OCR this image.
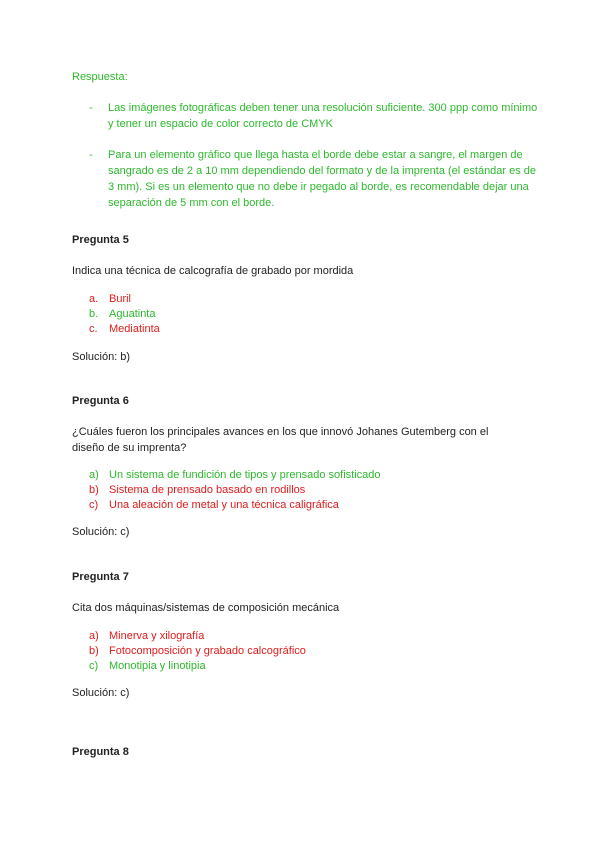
Respuesta:
- Las imágenes fotográficas deben tener una resolución suficiente. 300 ppp como mínimo y tener un espacio de color correcto de CMYK
- Para un elemento gráfico que llega hasta el borde debe estar a sangre, el margen de sangrado es de 2 a 10 mm dependiendo del formato y de la imprenta (el estándar es de 3 mm). Si es un elemento que no debe ir pegado al borde, es recomendable dejar una separación de 5 mm con el borde.
Pregunta 5
Indica una técnica de calcografía de grabado por mordida
a. Buril
b. Aguatinta
c. Mediatinta
Solución: b)
Pregunta 6
¿Cuáles fueron los principales avances en los que innovó Johanes Gutemberg con el diseño de su imprenta?
a) Un sistema de fundición de tipos y prensado sofisticado
b) Sistema de prensado basado en rodillos
c) Una aleación de metal y una técnica caligráfica
Solución: c)
Pregunta 7
Cita dos máquinas/sistemas de composición mecánica
a) Minerva y xilografía
b) Fotocomposición y grabado calcográfico
c) Monotipia y linotipia
Solución: c)
Pregunta 8
